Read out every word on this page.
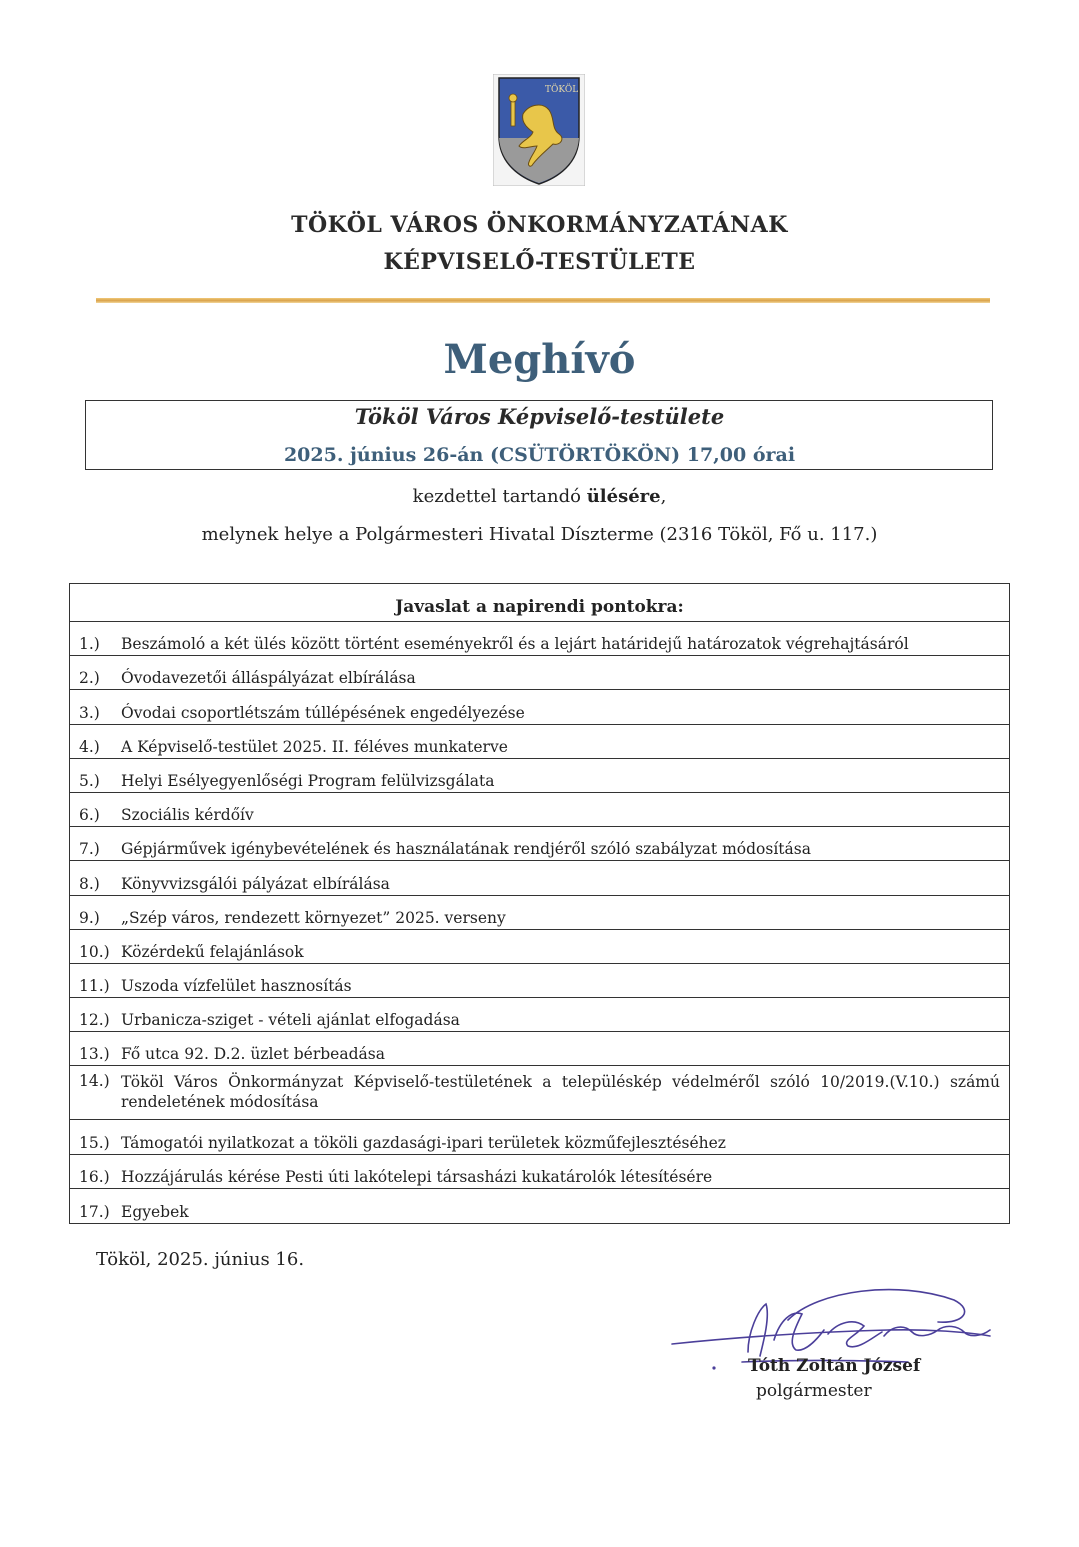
TÖKÖL
TÖKÖL VÁROS ÖNKORMÁNYZATÁNAK
KÉPVISELŐ-TESTÜLETE
Meghívó
Tököl Város Képviselő-testülete
2025. június 26-án (CSÜTÖRTÖKÖN) 17,00 órai
kezdettel tartandó ülésére,
melynek helye a Polgármesteri Hivatal Díszterme (2316 Tököl, Fő u. 117.)
Javaslat a napirendi pontokra:
1.)	Beszámoló a két ülés között történt eseményekről és a lejárt határidejű határozatok végrehajtásáról
2.)	Óvodavezetői álláspályázat elbírálása
3.)	Óvodai csoportlétszám túllépésének engedélyezése
4.)	A Képviselő-testület 2025. II. féléves munkaterve
5.)	Helyi Esélyegyenlőségi Program felülvizsgálata
6.)	Szociális kérdőív
7.)	Gépjárművek igénybevételének és használatának rendjéről szóló szabályzat módosítása
8.)	Könyvvizsgálói pályázat elbírálása
9.)	„Szép város, rendezett környezet” 2025. verseny
10.) Közérdekű felajánlások
11.) Uszoda vízfelület hasznosítás
12.) Urbanicza-sziget - vételi ajánlat elfogadása
13.) Fő utca 92. D.2. üzlet bérbeadása
14.) Tököl Város Önkormányzat Képviselő-testületének a településkép védelméről szóló 10/2019.(V.10.) számú rendeletének módosítása
15.) Támogatói nyilatkozat a tököli gazdasági-ipari területek közműfejlesztéséhez
16.) Hozzájárulás kérése Pesti úti lakótelepi társasházi kukatárolók létesítésére
17.) Egyebek
Tököl, 2025. június 16.
Tóth Zoltán József
polgármester
